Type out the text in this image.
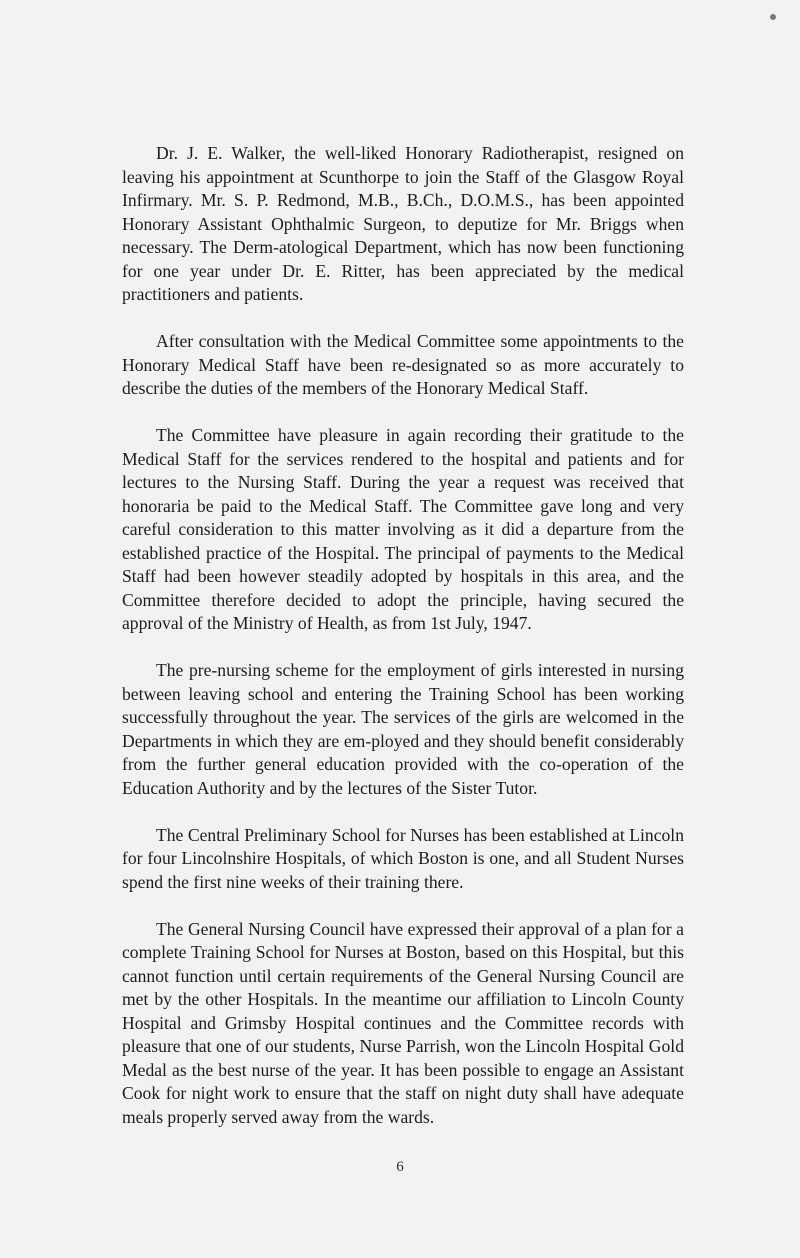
Dr. J. E. Walker, the well-liked Honorary Radiotherapist, resigned on leaving his appointment at Scunthorpe to join the Staff of the Glasgow Royal Infirmary. Mr. S. P. Redmond, M.B., B.Ch., D.O.M.S., has been appointed Honorary Assistant Ophthalmic Surgeon, to deputize for Mr. Briggs when necessary. The Derm-atological Department, which has now been functioning for one year under Dr. E. Ritter, has been appreciated by the medical practitioners and patients.

After consultation with the Medical Committee some appointments to the Honorary Medical Staff have been re-designated so as more accurately to describe the duties of the members of the Honorary Medical Staff.

The Committee have pleasure in again recording their gratitude to the Medical Staff for the services rendered to the hospital and patients and for lectures to the Nursing Staff. During the year a request was received that honoraria be paid to the Medical Staff. The Committee gave long and very careful consideration to this matter involving as it did a departure from the established practice of the Hospital. The principal of payments to the Medical Staff had been however steadily adopted by hospitals in this area, and the Committee therefore decided to adopt the principle, having secured the approval of the Ministry of Health, as from 1st July, 1947.

The pre-nursing scheme for the employment of girls interested in nursing between leaving school and entering the Training School has been working successfully throughout the year. The services of the girls are welcomed in the Departments in which they are em-ployed and they should benefit considerably from the further general education provided with the co-operation of the Education Authority and by the lectures of the Sister Tutor.

The Central Preliminary School for Nurses has been established at Lincoln for four Lincolnshire Hospitals, of which Boston is one, and all Student Nurses spend the first nine weeks of their training there.

The General Nursing Council have expressed their approval of a plan for a complete Training School for Nurses at Boston, based on this Hospital, but this cannot function until certain requirements of the General Nursing Council are met by the other Hospitals. In the meantime our affiliation to Lincoln County Hospital and Grimsby Hospital continues and the Committee records with pleasure that one of our students, Nurse Parrish, won the Lincoln Hospital Gold Medal as the best nurse of the year. It has been possible to engage an Assistant Cook for night work to ensure that the staff on night duty shall have adequate meals properly served away from the wards.

6
